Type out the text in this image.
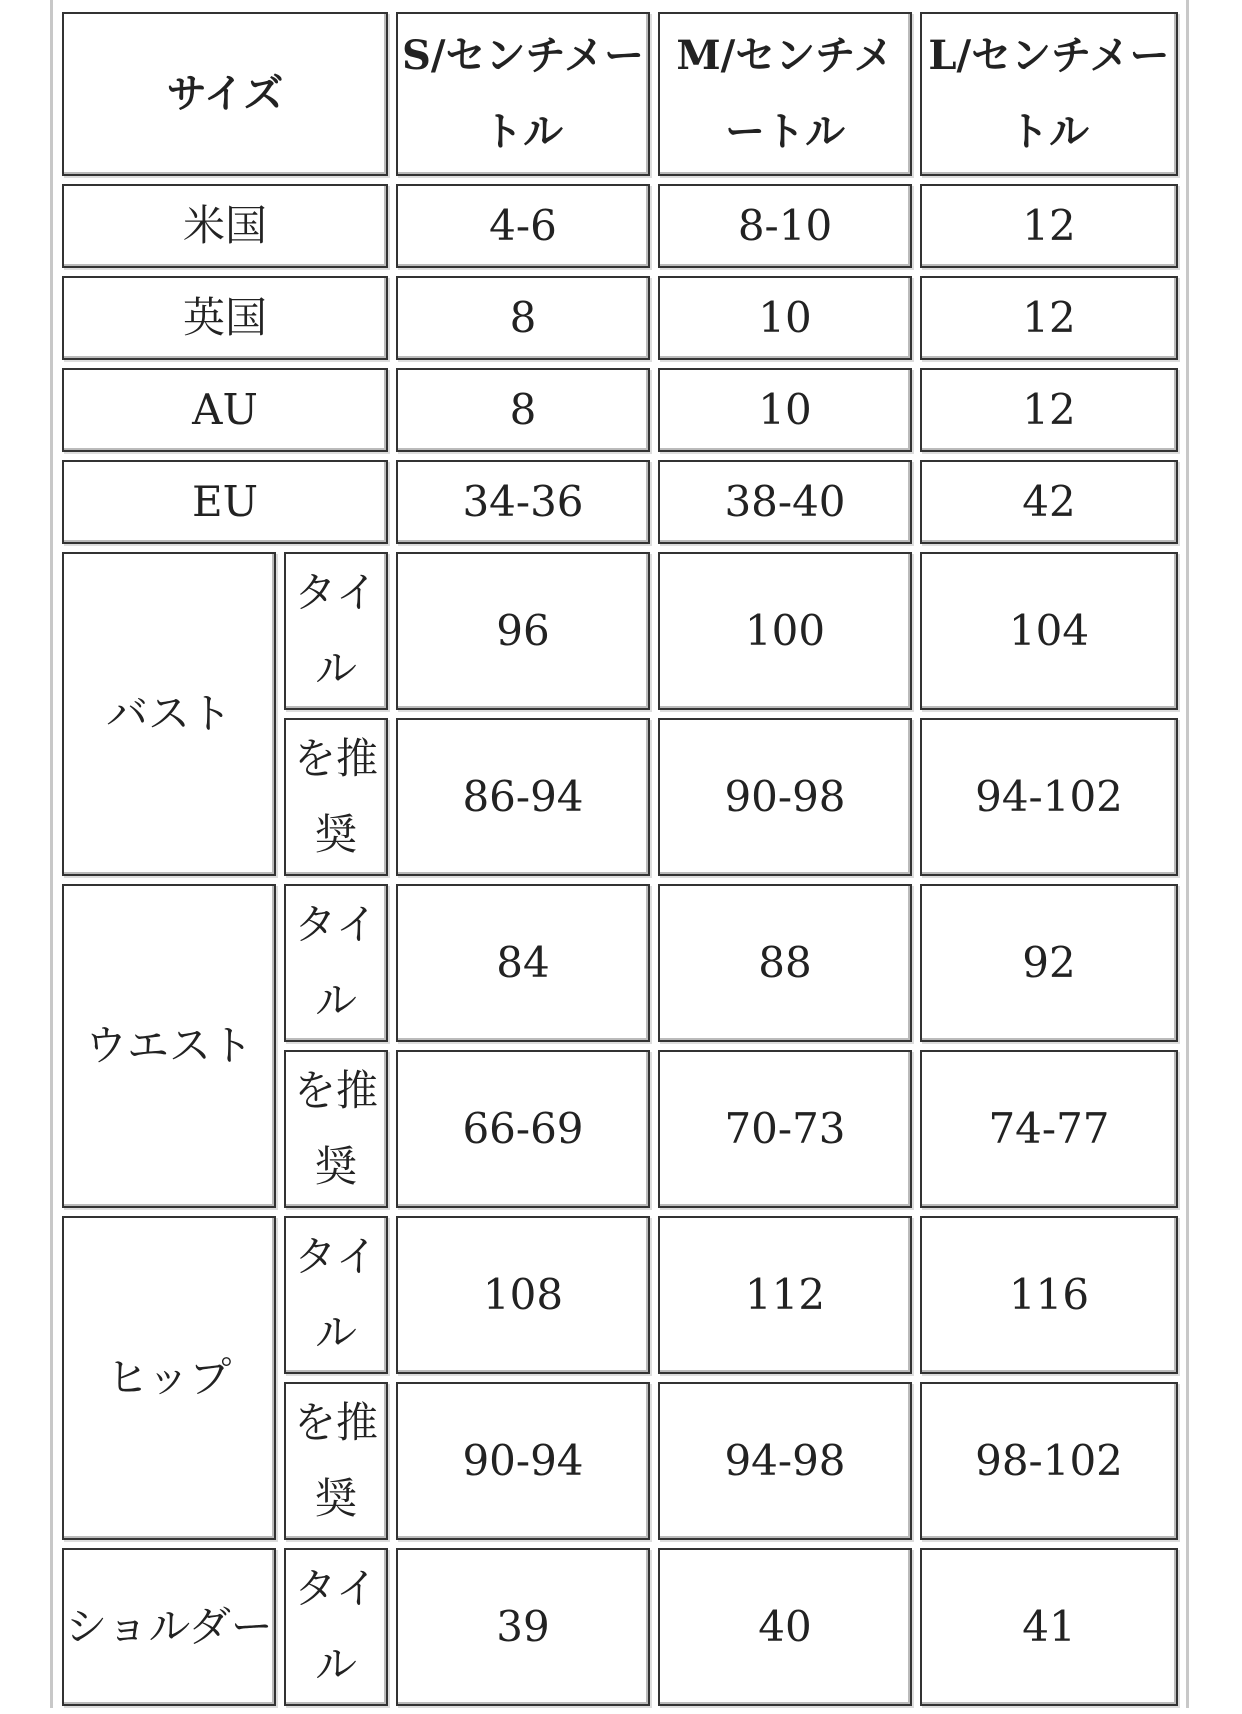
サイズ		S/センチメートル	M/センチメートル	L/センチメートル
米国		4-6	8-10	12
英国		8	10	12
AU		8	10	12
EU		34-36	38-40	42
バスト	タイル	96	100	104
	を推奨	86-94	90-98	94-102
ウエスト	タイル	84	88	92
	を推奨	66-69	70-73	74-77
ヒップ	タイル	108	112	116
	を推奨	90-94	94-98	98-102
ショルダー	タイル	39	40	41
